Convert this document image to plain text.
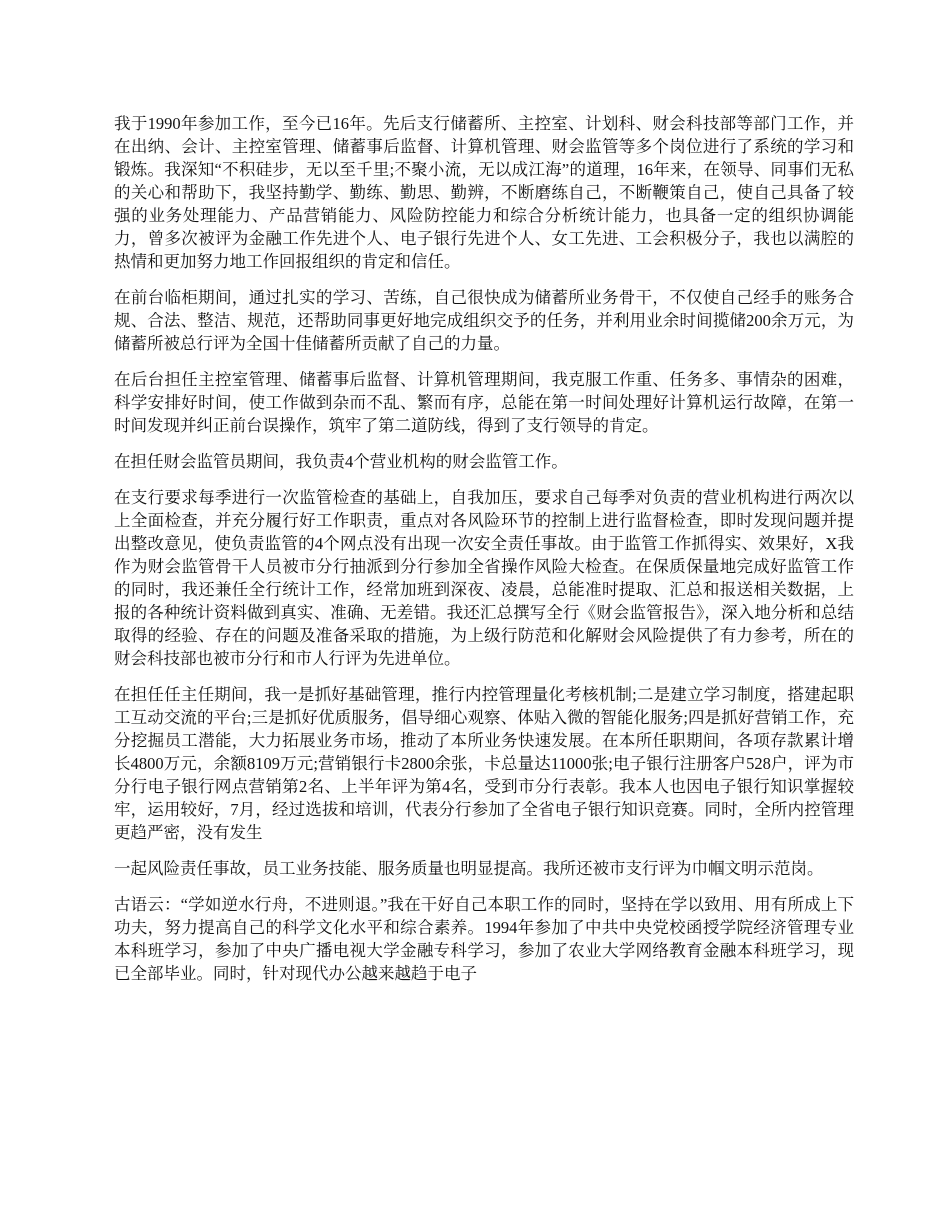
我于1990年参加工作，至今已16年。先后支行储蓄所、主控室、计划科、财会科技部等部门工作，并在出纳、会计、主控室管理、储蓄事后监督、计算机管理、财会监管等多个岗位进行了系统的学习和锻炼。我深知“不积硅步，无以至千里;不聚小流，无以成江海”的道理，16年来，在领导、同事们无私的关心和帮助下，我坚持勤学、勤练、勤思、勤辨，不断磨练自己，不断鞭策自己，使自己具备了较强的业务处理能力、产品营销能力、风险防控能力和综合分析统计能力，也具备一定的组织协调能力，曾多次被评为金融工作先进个人、电子银行先进个人、女工先进、工会积极分子，我也以满腔的热情和更加努力地工作回报组织的肯定和信任。

在前台临柜期间，通过扎实的学习、苦练，自己很快成为储蓄所业务骨干，不仅使自己经手的账务合规、合法、整洁、规范，还帮助同事更好地完成组织交予的任务，并利用业余时间揽储200余万元，为储蓄所被总行评为全国十佳储蓄所贡献了自己的力量。

在后台担任主控室管理、储蓄事后监督、计算机管理期间，我克服工作重、任务多、事情杂的困难，科学安排好时间，使工作做到杂而不乱、繁而有序，总能在第一时间处理好计算机运行故障，在第一时间发现并纠正前台误操作，筑牢了第二道防线，得到了支行领导的肯定。

在担任财会监管员期间，我负责4个营业机构的财会监管工作。

在支行要求每季进行一次监管检查的基础上，自我加压，要求自己每季对负责的营业机构进行两次以上全面检查，并充分履行好工作职责，重点对各风险环节的控制上进行监督检查，即时发现问题并提出整改意见，使负责监管的4个网点没有出现一次安全责任事故。由于监管工作抓得实、效果好，X我作为财会监管骨干人员被市分行抽派到分行参加全省操作风险大检查。在保质保量地完成好监管工作的同时，我还兼任全行统计工作，经常加班到深夜、凌晨，总能准时提取、汇总和报送相关数据，上报的各种统计资料做到真实、准确、无差错。我还汇总撰写全行《财会监管报告》，深入地分析和总结取得的经验、存在的问题及准备采取的措施，为上级行防范和化解财会风险提供了有力参考，所在的财会科技部也被市分行和市人行评为先进单位。

在担任任主任期间，我一是抓好基础管理，推行内控管理量化考核机制;二是建立学习制度，搭建起职工互动交流的平台;三是抓好优质服务，倡导细心观察、体贴入微的智能化服务;四是抓好营销工作，充分挖掘员工潜能，大力拓展业务市场，推动了本所业务快速发展。在本所任职期间，各项存款累计增长4800万元，余额8109万元;营销银行卡2800余张，卡总量达11000张;电子银行注册客户528户，评为市分行电子银行网点营销第2名、上半年评为第4名，受到市分行表彰。我本人也因电子银行知识掌握较牢，运用较好，7月，经过选拔和培训，代表分行参加了全省电子银行知识竞赛。同时，全所内控管理更趋严密，没有发生

一起风险责任事故，员工业务技能、服务质量也明显提高。我所还被市支行评为巾帼文明示范岗。

古语云：“学如逆水行舟，不进则退。”我在干好自己本职工作的同时，坚持在学以致用、用有所成上下功夫，努力提高自己的科学文化水平和综合素养。1994年参加了中共中央党校函授学院经济管理专业本科班学习，参加了中央广播电视大学金融专科学习，参加了农业大学网络教育金融本科班学习，现已全部毕业。同时，针对现代办公越来越趋于电子
